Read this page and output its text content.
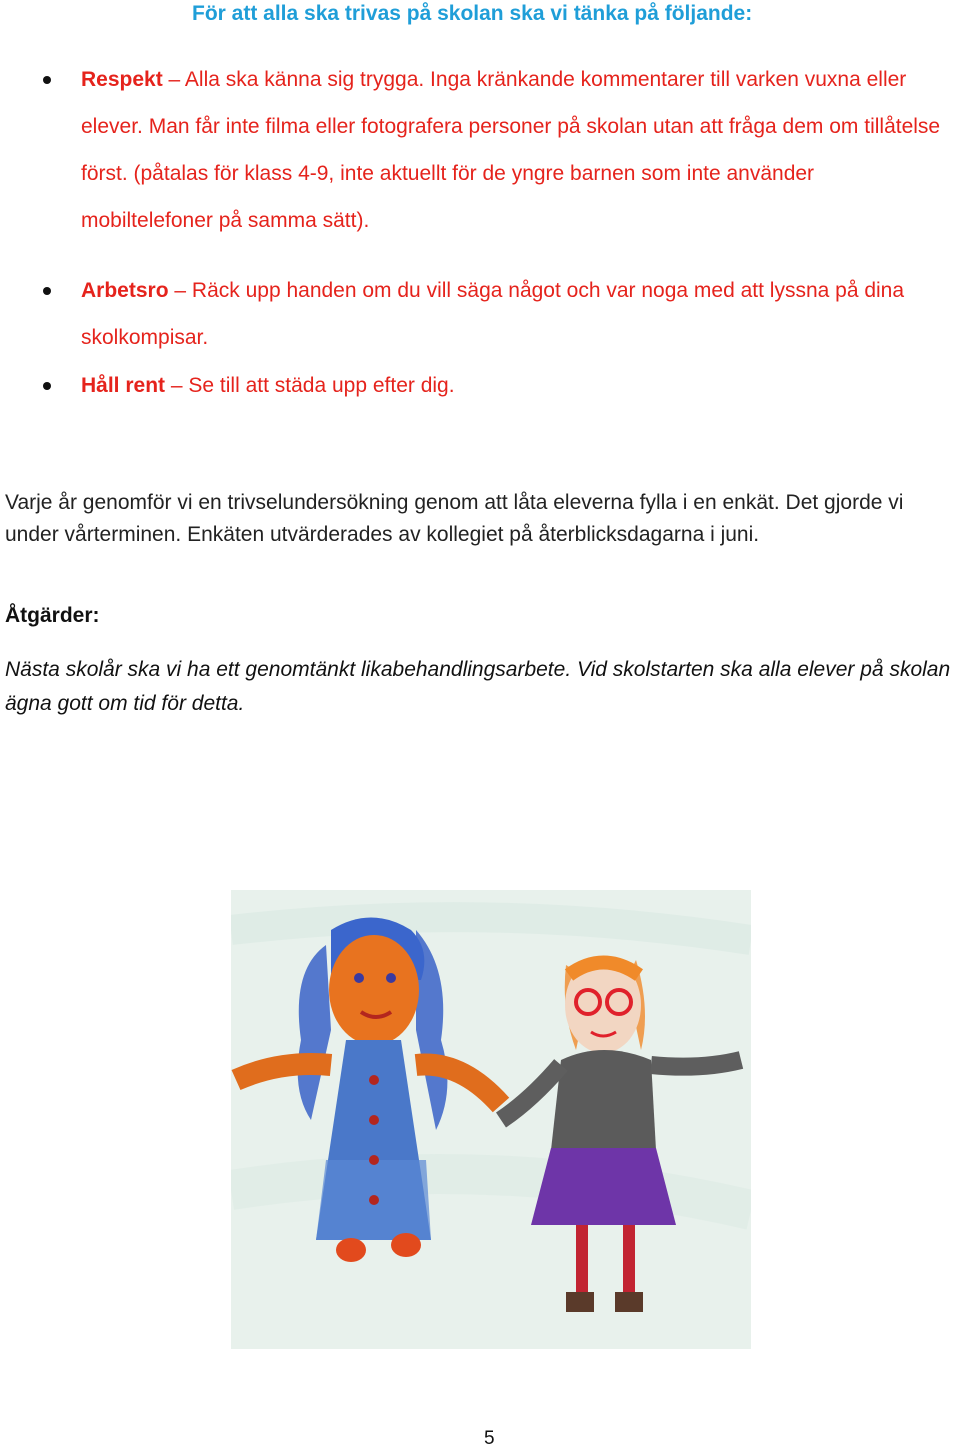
För att alla ska trivas på skolan ska vi tänka på följande:
Respekt – Alla ska känna sig trygga. Inga kränkande kommentarer till varken vuxna eller elever. Man får inte filma eller fotografera personer på skolan utan att fråga dem om tillåtelse först. (påtalas för klass 4-9, inte aktuellt för de yngre barnen som inte använder mobiltelefoner på samma sätt).
Arbetsro – Räck upp handen om du vill säga något och var noga med att lyssna på dina skolkompisar.
Håll rent – Se till att städa upp efter dig.

Varje år genomför vi en trivselundersökning genom att låta eleverna fylla i en enkät. Det gjorde vi under vårterminen. Enkäten utvärderades av kollegiet på återblicksdagarna i juni.

Åtgärder:

Nästa skolår ska vi ha ett genomtänkt likabehandlingsarbete. Vid skolstarten ska alla elever på skolan ägna gott om tid för detta.

5
